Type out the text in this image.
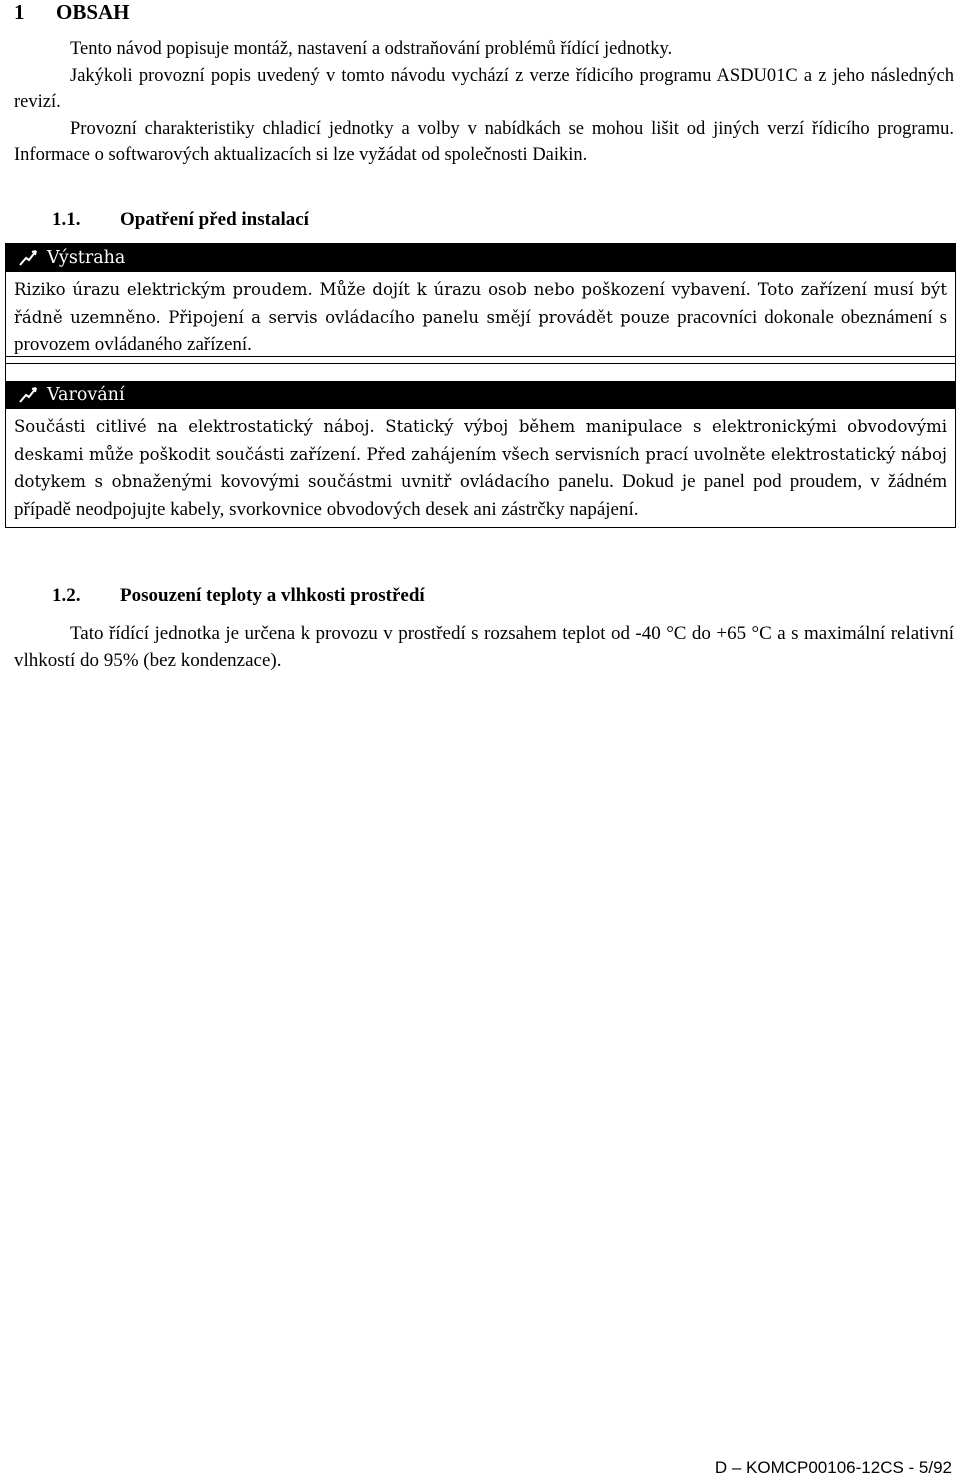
1 OBSAH

Tento návod popisuje montáž, nastavení a odstraňování problémů řídící jednotky.

Jakýkoli provozní popis uvedený v tomto návodu vychází z verze řídicího programu ASDU01C a z jeho následných revizí.

Provozní charakteristiky chladicí jednotky a volby v nabídkách se mohou lišit od jiných verzí řídicího programu. Informace o softwarových aktualizacích si lze vyžádat od společnosti Daikin.

1.1. Opatření před instalací
Výstraha
Riziko úrazu elektrickým proudem. Může dojít k úrazu osob nebo poškození vybavení. Toto zařízení musí být řádně uzemněno. Připojení a servis ovládacího panelu smějí provádět pouze pracovníci dokonale obeznámení s provozem ovládaného zařízení.
Varování
Součásti citlivé na elektrostatický náboj. Statický výboj během manipulace s elektronickými obvodovými deskami může poškodit součásti zařízení. Před zahájením všech servisních prací uvolněte elektrostatický náboj dotykem s obnaženými kovovými součástmi uvnitř ovládacího panelu. Dokud je panel pod proudem, v žádném případě neodpojujte kabely, svorkovnice obvodových desek ani zástrčky napájení.
1.2. Posouzení teploty a vlhkosti prostředí

Tato řídící jednotka je určena k provozu v prostředí s rozsahem teplot od -40 °C do +65 °C a s maximální relativní vlhkostí do 95% (bez kondenzace).

D – KOMCP00106-12CS - 5/92
